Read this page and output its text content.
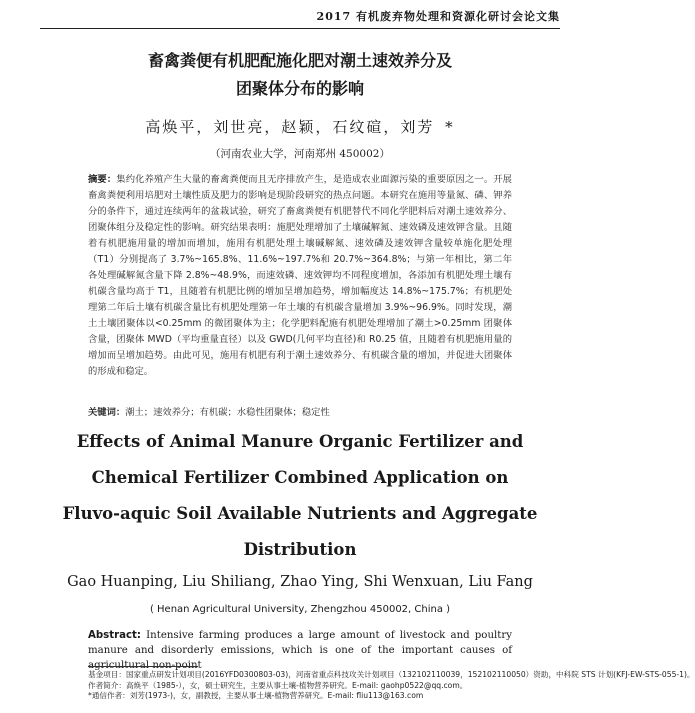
2017 有机废弃物处理和资源化研讨会论文集
畜禽粪便有机肥配施化肥对潮土速效养分及
团聚体分布的影响
高焕平，刘世亮，赵颖，石纹碹，刘芳 *
（河南农业大学，河南郑州 450002）
摘要：集约化养殖产生大量的畜禽粪便而且无序排放产生，是造成农业面源污染的重要原因之一。开展畜禽粪便利用培肥对土壤性质及肥力的影响是现阶段研究的热点问题。本研究在施用等量氮、磷、钾养分的条件下，通过连续两年的盆栽试验，研究了畜禽粪便有机肥替代不同化学肥料后对潮土速效养分、团聚体组分及稳定性的影响。研究结果表明：施肥处理增加了土壤碱解氮、速效磷及速效钾含量。且随着有机肥施用量的增加而增加，施用有机肥处理土壤碱解氮、速效磷及速效钾含量较单施化肥处理（T1）分别提高了 3.7%~165.8%、11.6%~197.7%和 20.7%~364.8%；与第一年相比，第二年各处理碱解氮含量下降 2.8%~48.9%，而速效磷、速效钾均不同程度增加，各添加有机肥处理土壤有机碳含量均高于 T1，且随着有机肥比例的增加呈增加趋势，增加幅度达 14.8%~175.7%；有机肥处理第二年后土壤有机碳含量比有机肥处理第一年土壤的有机碳含量增加 3.9%~96.9%。同时发现，潮土土壤团聚体以<0.25mm 的微团聚体为主；化学肥料配施有机肥处理增加了潮土>0.25mm 团聚体含量，团聚体 MWD（平均重量直径）以及 GWD(几何平均直径)和 R0.25 值，且随着有机肥施用量的增加而呈增加趋势。由此可见，施用有机肥有利于潮土速效养分、有机碳含量的增加，并促进大团聚体的形成和稳定。
关键词：潮土；速效养分；有机碳；水稳性团聚体；稳定性
Effects of Animal Manure Organic Fertilizer and
Chemical Fertilizer Combined Application on
Fluvo-aquic Soil Available Nutrients and Aggregate
Distribution
Gao Huanping, Liu Shiliang, Zhao Ying, Shi Wenxuan, Liu Fang
( Henan Agricultural University, Zhengzhou 450002, China )
Abstract: Intensive farming produces a large amount of livestock and poultry manure and disorderly emissions, which is one of the important causes of agricultural non-point
基金项目：国家重点研发计划项目(2016YFD0300803-03)，河南省重点科技攻关计划项目（132102110039，152102110050）资助，中科院 STS 计划(KFJ-EW-STS-055-1)。
作者简介：高焕平（1985-），女，硕士研究生，主要从事土壤-植物营养研究。E-mail: gaohp0522@qq.com。
*通信作者：刘芳(1973-)，女，副教授，主要从事土壤-植物营养研究。E-mail: fliu113@163.com
